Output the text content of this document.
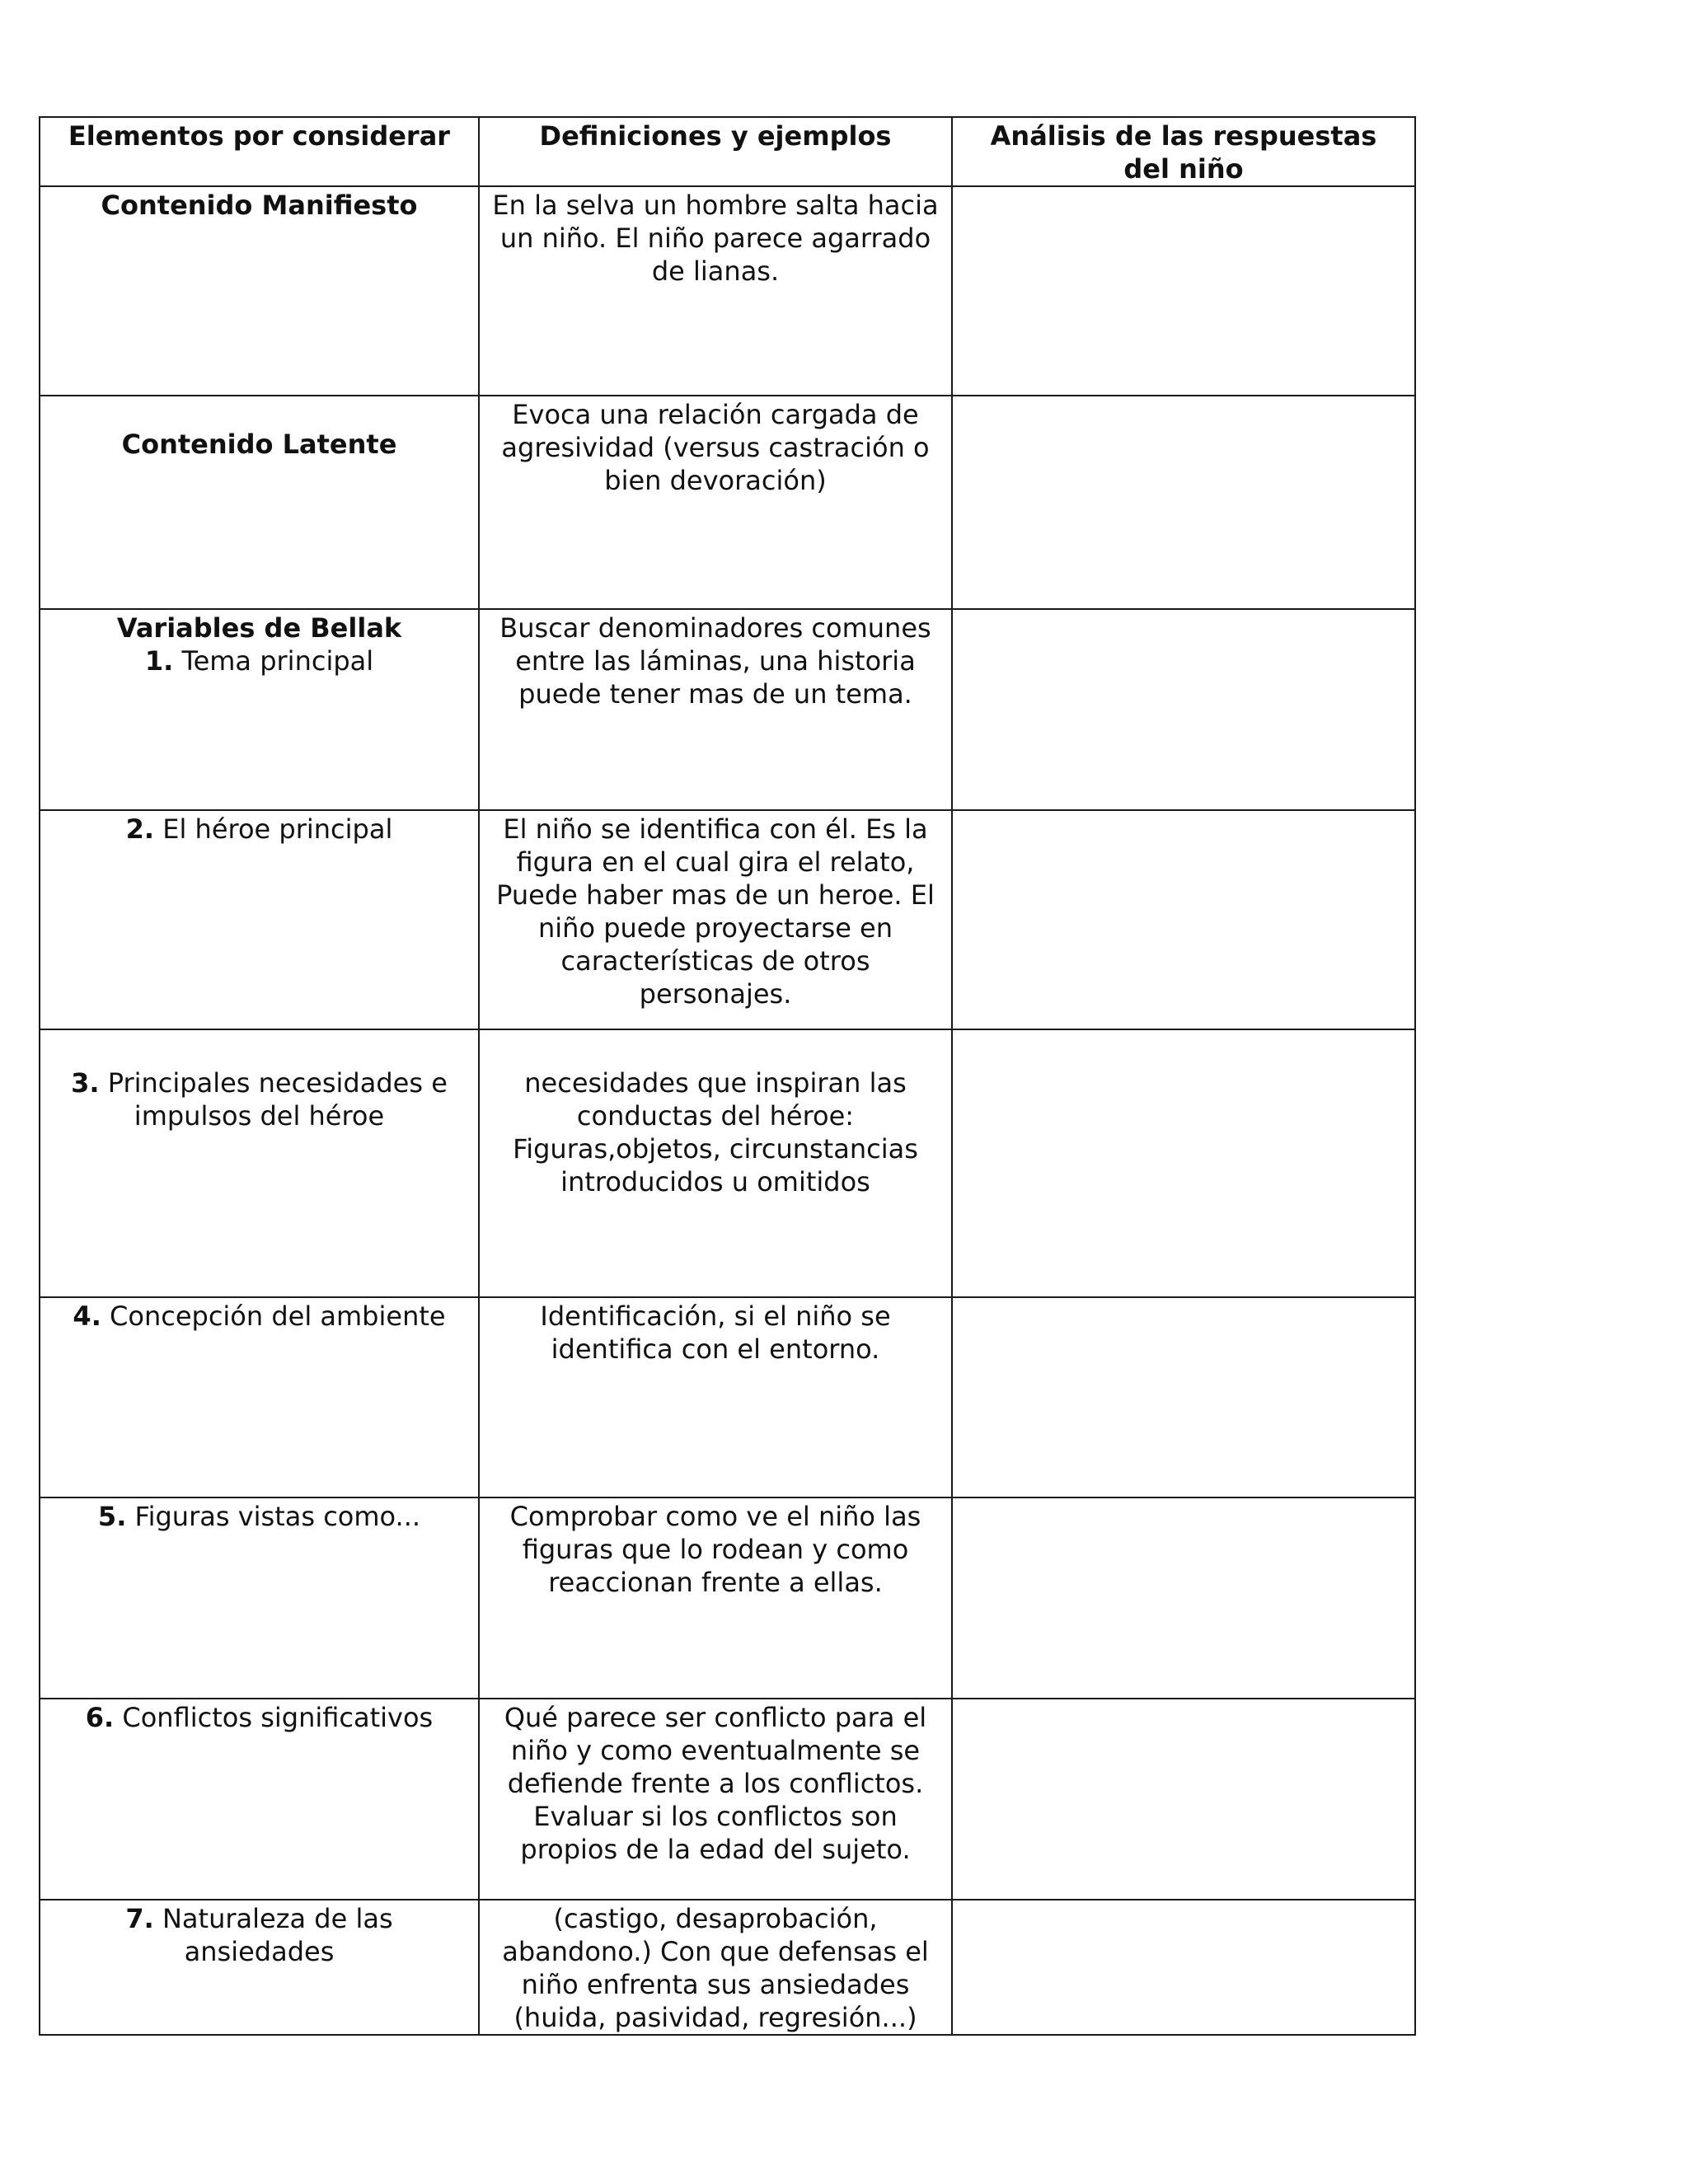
Elementos por considerar	Definiciones y ejemplos	Análisis de las respuestas del niño
Contenido Manifiesto	En la selva un hombre salta hacia un niño. El niño parece agarrado de lianas.	
Contenido Latente	Evoca una relación cargada de agresividad (versus castración o bien devoración)	

Variables de Bellak
1. Tema principal	Buscar denominadores comunes entre las láminas, una historia puede tener mas de un tema.	
2. El héroe principal	El niño se identifica con él. Es la figura en el cual gira el relato, Puede haber mas de un heroe. El niño puede proyectarse en características de otros personajes.	
3. Principales necesidades e impulsos del héroe	necesidades que inspiran las conductas del héroe: Figuras,objetos, circunstancias introducidos u omitidos	
4. Concepción del ambiente	Identificación, si el niño se identifica con el entorno.	
5. Figuras vistas como...	Comprobar como ve el niño las figuras que lo rodean y como reaccionan frente a ellas.	
6. Conflictos significativos	Qué parece ser conflicto para el niño y como eventualmente se defiende frente a los conflictos. Evaluar si los conflictos son propios de la edad del sujeto.	
7. Naturaleza de las ansiedades	(castigo, desaprobación, abandono.) Con que defensas el niño enfrenta sus ansiedades (huida, pasividad, regresión...)	
